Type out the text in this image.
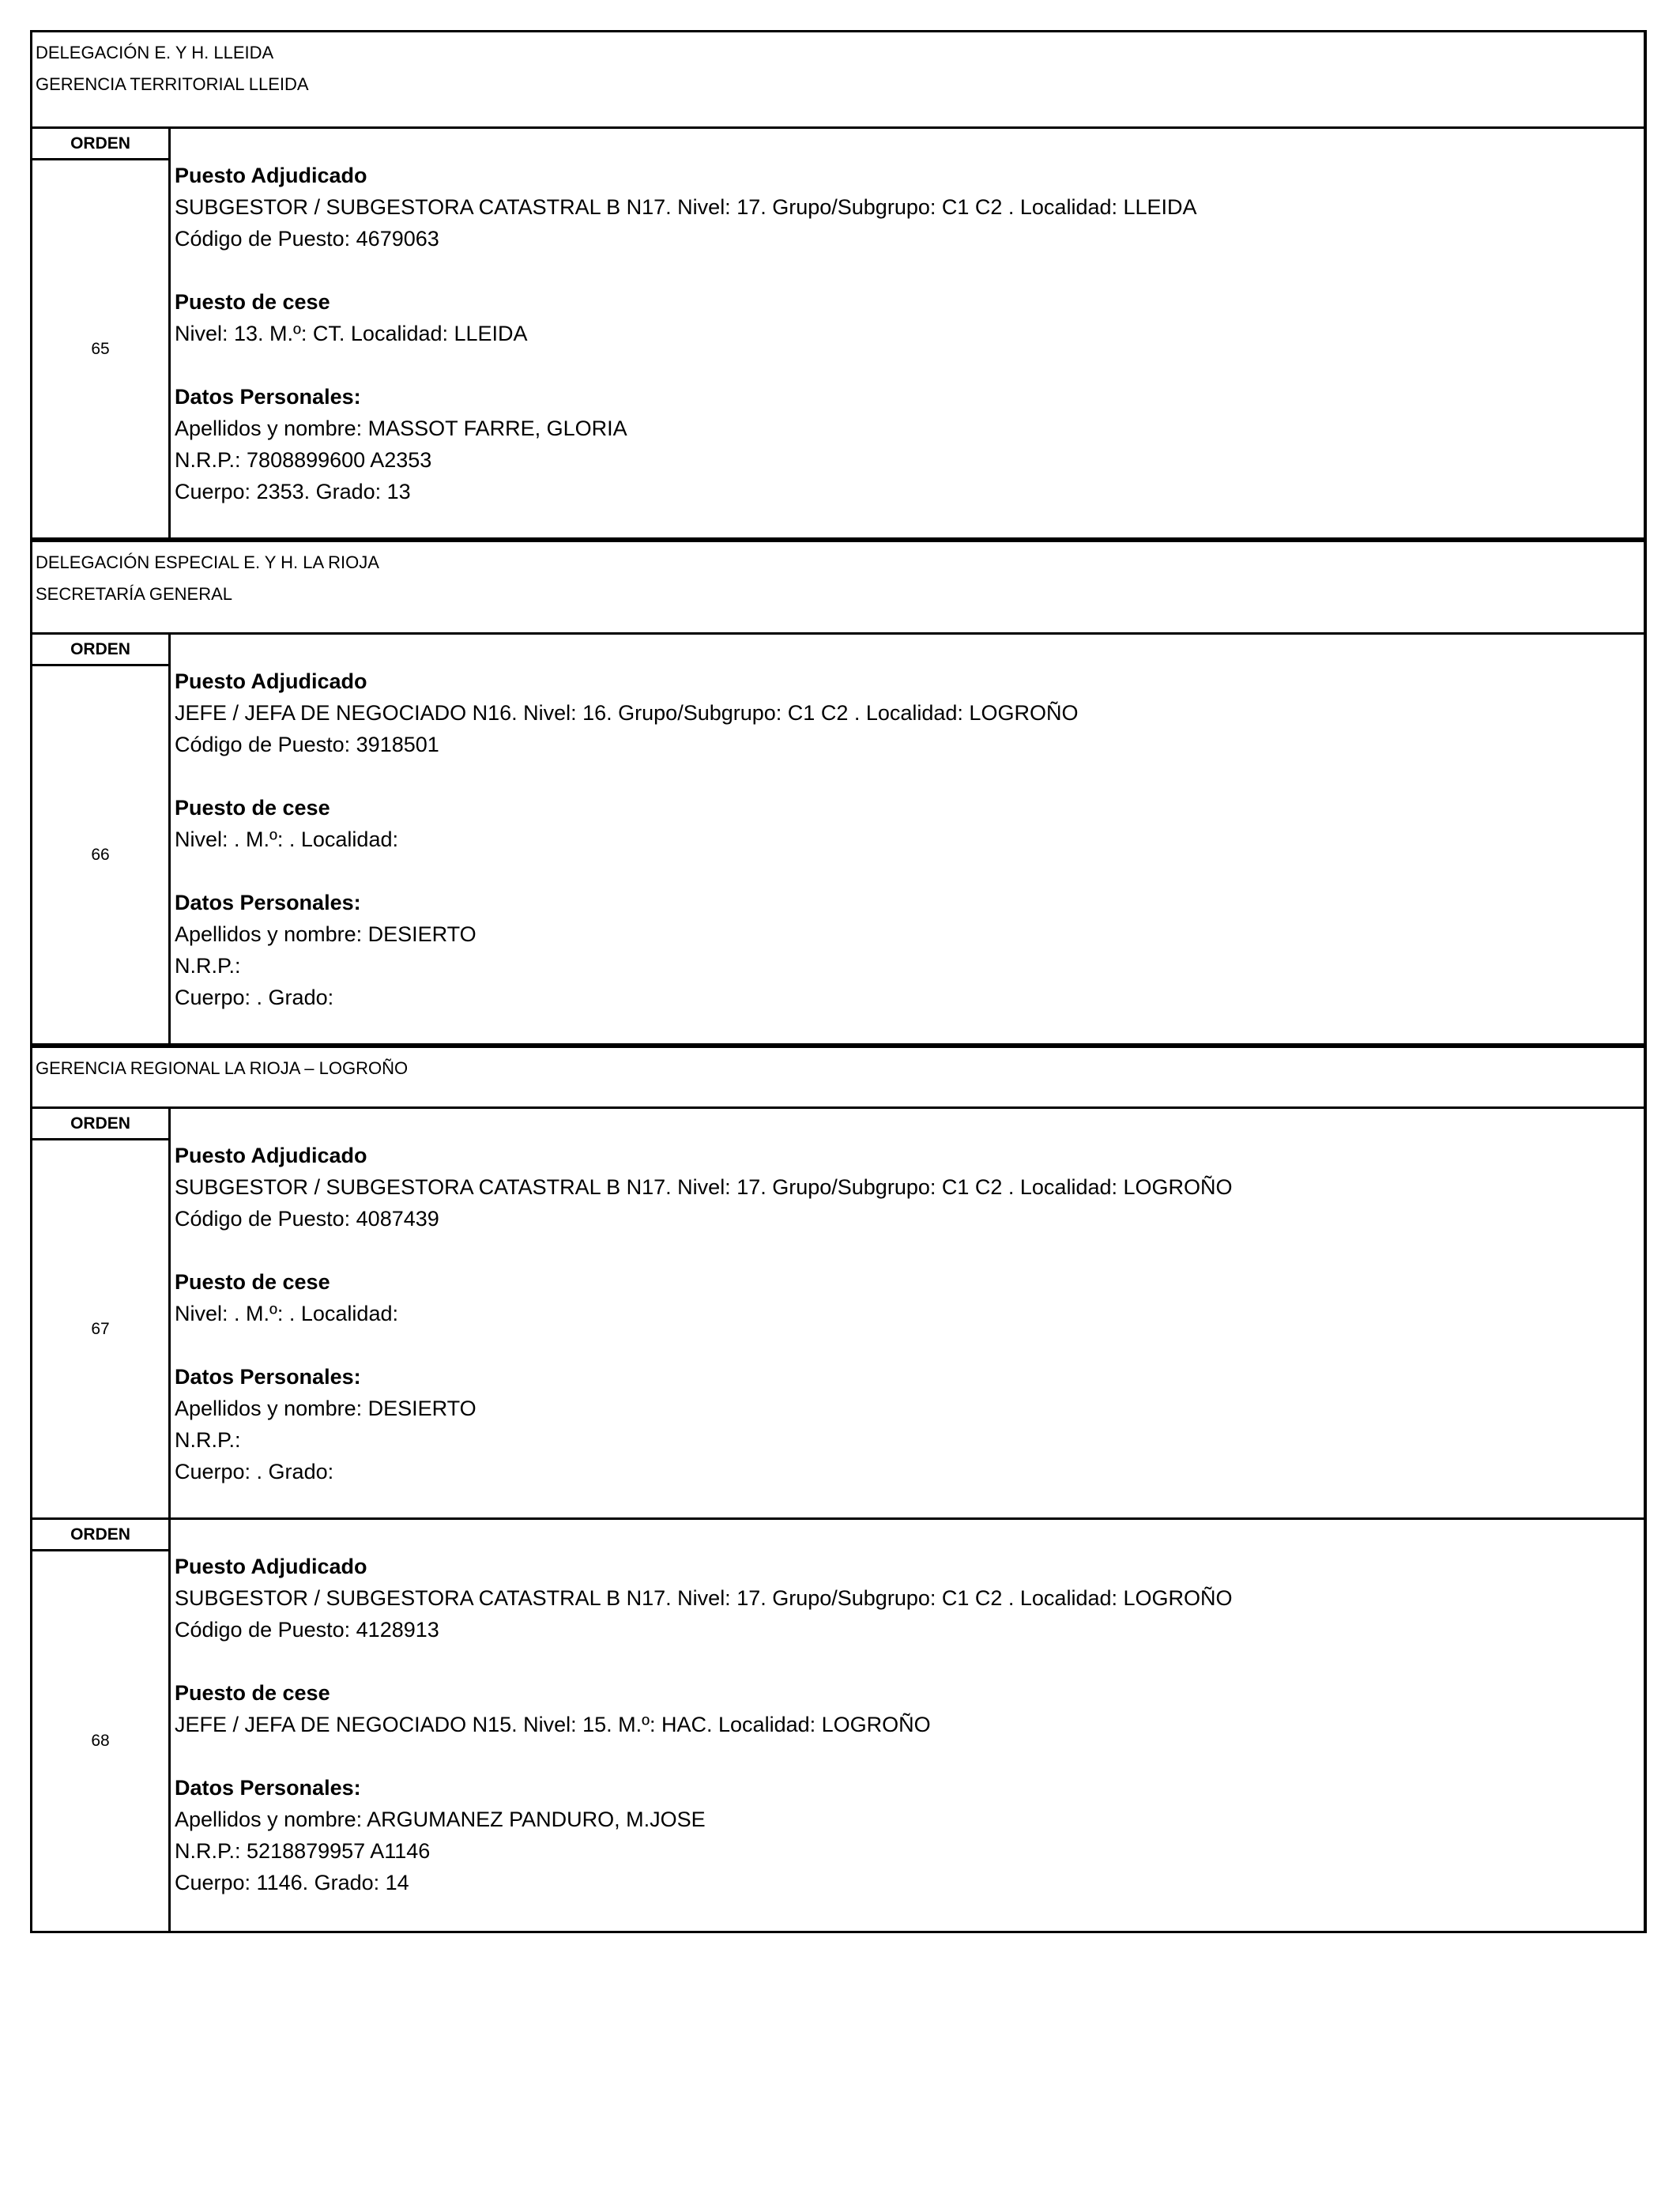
DELEGACIÓN E. Y H. LLEIDA
GERENCIA TERRITORIAL LLEIDA
ORDEN
65
Puesto Adjudicado
SUBGESTOR / SUBGESTORA CATASTRAL B N17. Nivel: 17. Grupo/Subgrupo: C1 C2 . Localidad: LLEIDA
Código de Puesto: 4679063
Puesto de cese
Nivel: 13. M.º: CT. Localidad: LLEIDA
Datos Personales:
Apellidos y nombre: MASSOT FARRE, GLORIA
N.R.P.: 7808899600 A2353
Cuerpo: 2353. Grado: 13
DELEGACIÓN ESPECIAL E. Y H. LA RIOJA
SECRETARÍA GENERAL
ORDEN
66
Puesto Adjudicado
JEFE / JEFA DE NEGOCIADO N16. Nivel: 16. Grupo/Subgrupo: C1 C2 . Localidad: LOGROÑO
Código de Puesto: 3918501
Puesto de cese
Nivel: . M.º: . Localidad:
Datos Personales:
Apellidos y nombre: DESIERTO
N.R.P.:
Cuerpo: . Grado:
GERENCIA REGIONAL LA RIOJA – LOGROÑO
ORDEN
67
Puesto Adjudicado
SUBGESTOR / SUBGESTORA CATASTRAL B N17. Nivel: 17. Grupo/Subgrupo: C1 C2 . Localidad: LOGROÑO
Código de Puesto: 4087439
Puesto de cese
Nivel: . M.º: . Localidad:
Datos Personales:
Apellidos y nombre: DESIERTO
N.R.P.:
Cuerpo: . Grado:
ORDEN
68
Puesto Adjudicado
SUBGESTOR / SUBGESTORA CATASTRAL B N17. Nivel: 17. Grupo/Subgrupo: C1 C2 . Localidad: LOGROÑO
Código de Puesto: 4128913
Puesto de cese
JEFE / JEFA DE NEGOCIADO N15. Nivel: 15. M.º: HAC. Localidad: LOGROÑO
Datos Personales:
Apellidos y nombre: ARGUMANEZ PANDURO, M.JOSE
N.R.P.: 5218879957 A1146
Cuerpo: 1146. Grado: 14
